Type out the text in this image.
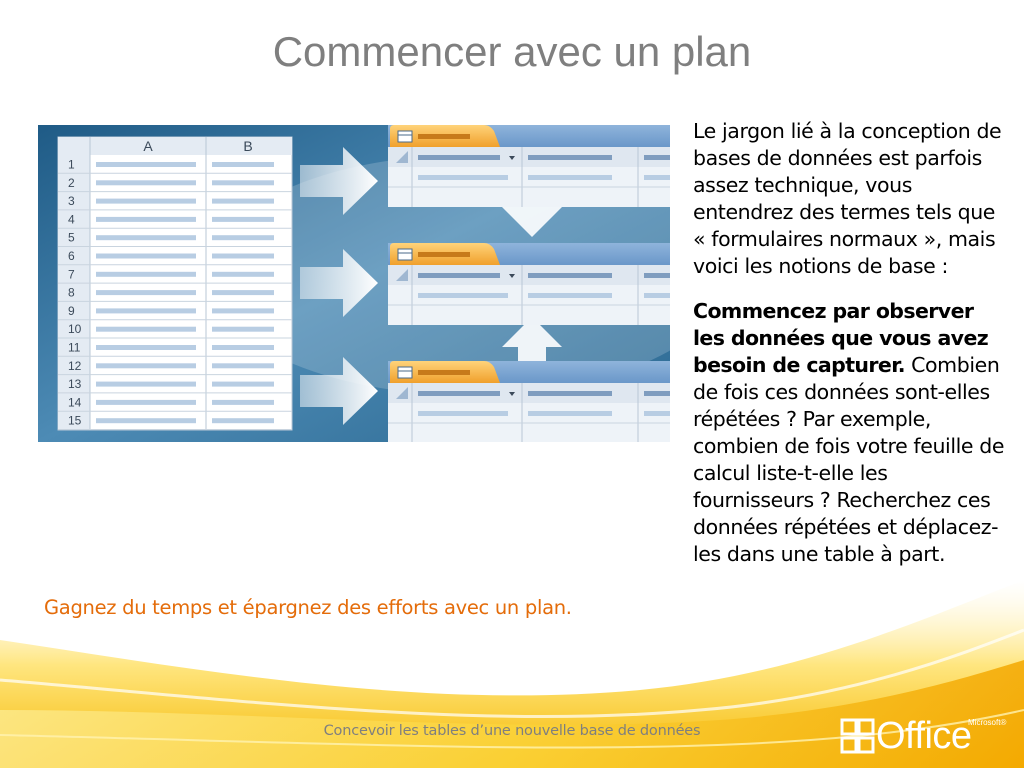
Commencer avec un plan
A	B
1
2
3
4
5
6
7
8
9
10
11
12
13
14
15

Le jargon lié à la conception de bases de données est parfois assez technique, vous entendrez des termes tels que « formulaires normaux », mais voici les notions de base :

Commencez par observer les données que vous avez besoin de capturer. Combien de fois ces données sont-elles répétées ? Par exemple, combien de fois votre feuille de calcul liste-t-elle les fournisseurs ? Recherchez ces données répétées et déplacez-les dans une table à part.

Gagnez du temps et épargnez des efforts avec un plan.

Concevoir les tables d’une nouvelle base de données	Office
Microsoft®
